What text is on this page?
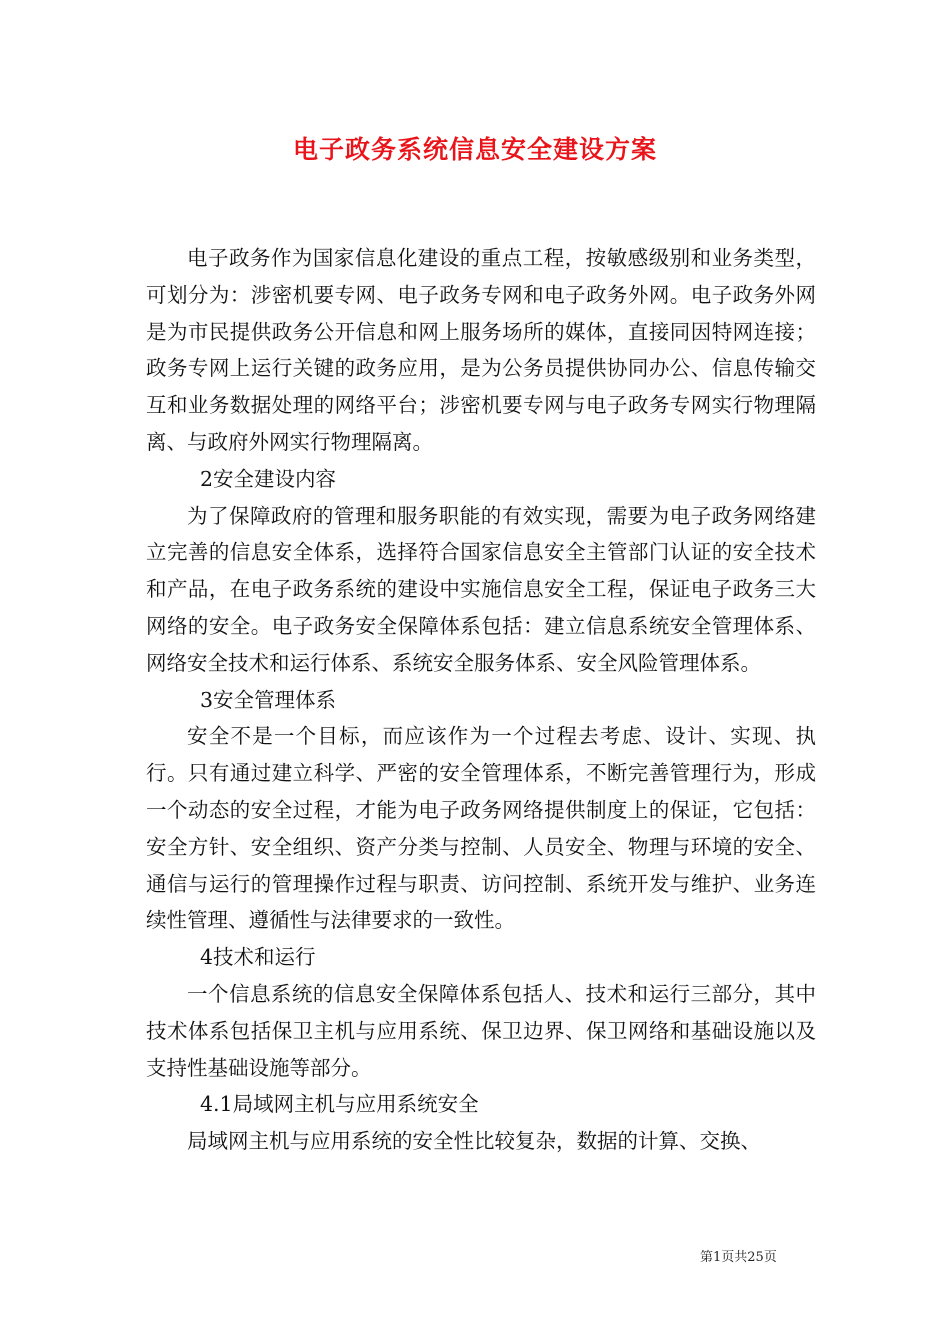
电子政务系统信息安全建设方案

电子政务作为国家信息化建设的重点工程，按敏感级别和业务类型，可划分为：涉密机要专网、电子政务专网和电子政务外网。电子政务外网是为市民提供政务公开信息和网上服务场所的媒体，直接同因特网连接；政务专网上运行关键的政务应用，是为公务员提供协同办公、信息传输交互和业务数据处理的网络平台；涉密机要专网与电子政务专网实行物理隔离、与政府外网实行物理隔离。

2安全建设内容

为了保障政府的管理和服务职能的有效实现，需要为电子政务网络建立完善的信息安全体系，选择符合国家信息安全主管部门认证的安全技术和产品，在电子政务系统的建设中实施信息安全工程，保证电子政务三大网络的安全。电子政务安全保障体系包括：建立信息系统安全管理体系、网络安全技术和运行体系、系统安全服务体系、安全风险管理体系。

3安全管理体系

安全不是一个目标，而应该作为一个过程去考虑、设计、实现、执行。只有通过建立科学、严密的安全管理体系，不断完善管理行为，形成一个动态的安全过程，才能为电子政务网络提供制度上的保证，它包括：安全方针、安全组织、资产分类与控制、人员安全、物理与环境的安全、通信与运行的管理操作过程与职责、访问控制、系统开发与维护、业务连续性管理、遵循性与法律要求的一致性。

4技术和运行

一个信息系统的信息安全保障体系包括人、技术和运行三部分，其中技术体系包括保卫主机与应用系统、保卫边界、保卫网络和基础设施以及支持性基础设施等部分。

4.1局域网主机与应用系统安全

局域网主机与应用系统的安全性比较复杂，数据的计算、交换、

第1页共25页
